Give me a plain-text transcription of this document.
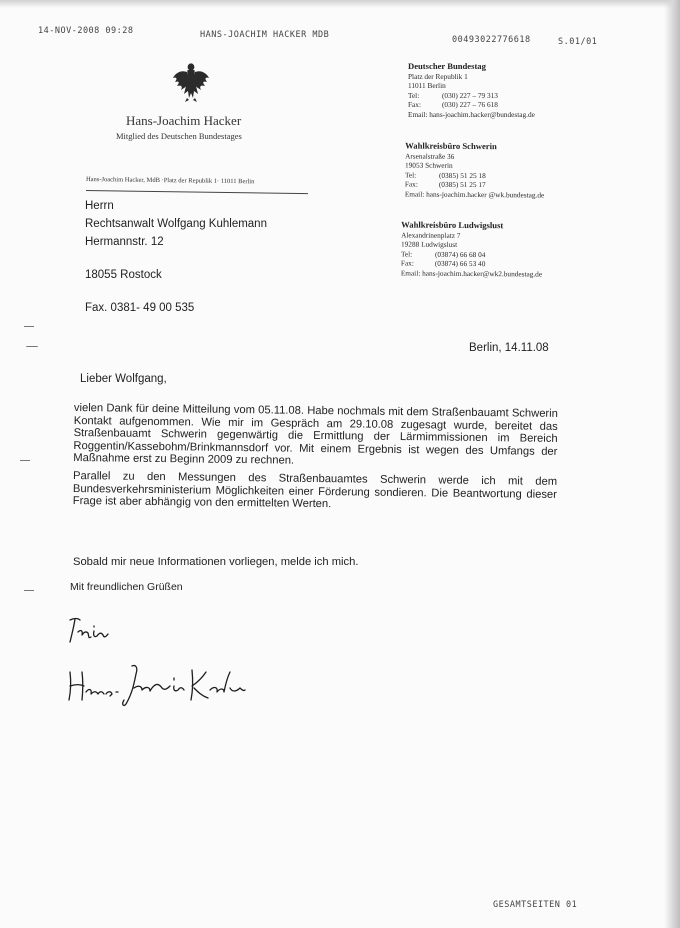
14-NOV-2008 09:28	HANS-JOACHIM HACKER MDB	00493022776618	S.01/01
Hans-Joachim Hacker
Mitglied des Deutschen Bundestages
Hans-Joachim Hacker, MdB ·Platz der Republik 1· 11011 Berlin
Herrn
Rechtsanwalt Wolfgang Kuhlemann
Hermannstr. 12
18055 Rostock
Fax. 0381- 49 00 535
Deutscher Bundestag
Platz der Republik 1
11011 Berlin
Tel:	(030) 227 – 79 313
Fax:	(030) 227 – 76 618
Email: hans-joachim.hacker@bundestag.de
Wahlkreisbüro Schwerin
Arsenalstraße 36
19053 Schwerin
Tel:	(0385) 51 25 18
Fax:	(0385) 51 25 17
Email: hans-joachim.hacker @wk.bundestag.de
Wahlkreisbüro Ludwigslust
Alexandrinenplatz 7
19288 Ludwigslust
Tel:	(03874) 66 68 04
Fax:	(03874) 66 53 40
Email: hans-joachim.hacker@wk2.bundestag.de
Berlin, 14.11.08
Lieber Wolfgang,

vielen Dank für deine Mitteilung vom 05.11.08. Habe nochmals mit dem Straßenbauamt Schwerin Kontakt aufgenommen. Wie mir im Gespräch am 29.10.08 zugesagt wurde, bereitet das Straßenbauamt Schwerin gegenwärtig die Ermittlung der Lärmimmissionen im Bereich Roggentin/Kassebohm/Brinkmannsdorf vor. Mit einem Ergebnis ist wegen des Umfangs der Maßnahme erst zu Beginn 2009 zu rechnen.

Parallel zu den Messungen des Straßenbauamtes Schwerin werde ich mit dem Bundesverkehrsministerium Möglichkeiten einer Förderung sondieren. Die Beantwortung dieser Frage ist aber abhängig von den ermittelten Werten.

Sobald mir neue Informationen vorliegen, melde ich mich.
Mit freundlichen Grüßen
GESAMTSEITEN 01
